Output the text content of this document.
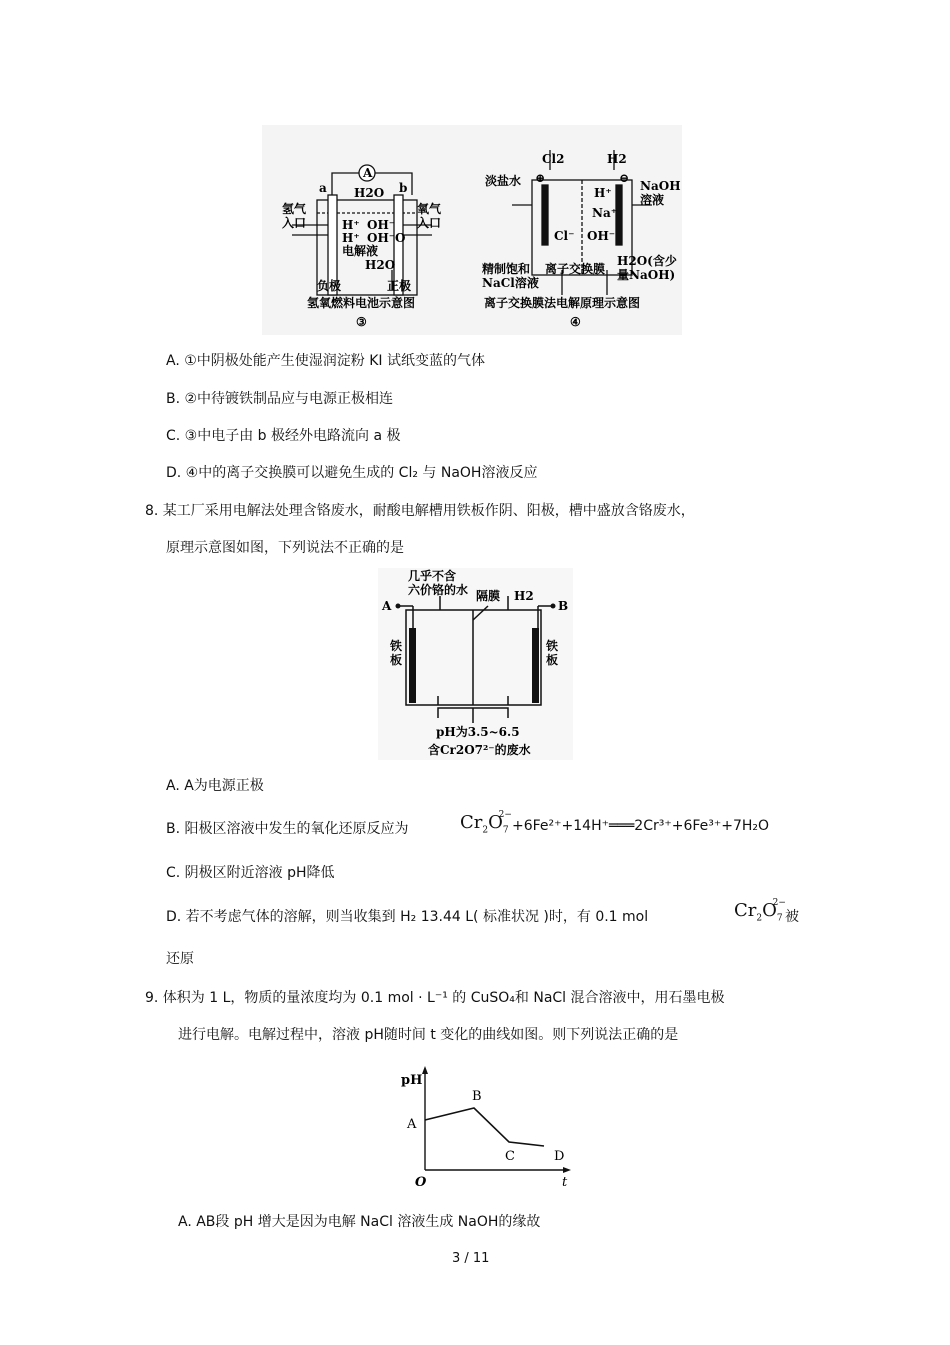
A
a	b
H2O
H⁺ OH⁻
H⁺ OH⁻ O
电解液
H2O
氢气入口
氧气入口
负极	正极
氢氧燃料电池示意图
③
Cl2	H2
⊕	⊖
淡盐水	NaOH 溶液
H⁺
Na⁺
Cl⁻ OH⁻
精制饱和 NaCl溶液
离子交换膜
H2O(含少量NaOH)
离子交换膜法电解原理示意图
④
A. ①中阴极处能产生使湿润淀粉 KI 试纸变蓝的气体
B. ②中待镀铁制品应与电源正极相连
C. ③中电子由 b 极经外电路流向 a 极
D. ④中的离子交换膜可以避免生成的 Cl₂ 与 NaOH溶液反应
8. 某工厂采用电解法处理含铬废水，耐酸电解槽用铁板作阴、阳极，槽中盛放含铬废水，
原理示意图如图，下列说法不正确的是
几乎不含六价铬的水 隔膜 H2
A	B
铁板
铁板
pH为3.5~6.5
含Cr2O7²⁻的废水
A. A为电源正极
B. 阳极区溶液中发生的氧化还原反应为	$Cr_2O_7^{2-}$
+6Fe²⁺+14H⁺═══2Cr³⁺+6Fe³⁺+7H₂O
C. 阴极区附近溶液 pH降低
D. 若不考虑气体的溶解，则当收集到 H₂ 13.44 L( 标准状况 )时，有 0.1 mol	$Cr_2O_7^{2-}$
被
还原
9. 体积为 1 L，物质的量浓度均为 0.1 mol · L⁻¹ 的 CuSO₄和 NaCl 混合溶液中，用石墨电极
进行电解。电解过程中，溶液 pH随时间 t 变化的曲线如图。则下列说法正确的是
pH
t
O
A
B
C	D
A. AB段 pH 增大是因为电解 NaCl 溶液生成 NaOH的缘故
3 / 11
